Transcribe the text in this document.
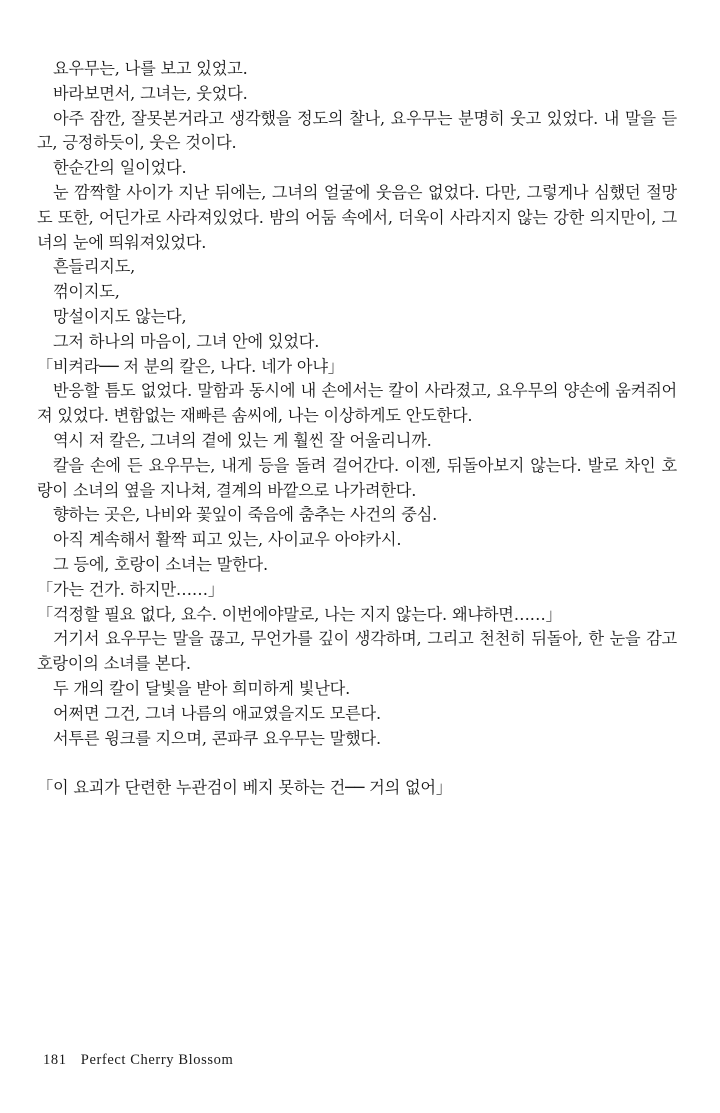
요우무는, 나를 보고 있었고.

바라보면서, 그녀는, 웃었다.

아주 잠깐, 잘못본거라고 생각했을 정도의 찰나, 요우무는 분명히 웃고 있었다. 내 말을 듣고, 긍정하듯이, 웃은 것이다.

한순간의 일이었다.

눈 깜짝할 사이가 지난 뒤에는, 그녀의 얼굴에 웃음은 없었다. 다만, 그렇게나 심했던 절망도 또한, 어딘가로 사라져있었다. 밤의 어둠 속에서, 더욱이 사라지지 않는 강한 의지만이, 그녀의 눈에 띄워져있었다.

흔들리지도,

꺾이지도,

망설이지도 않는다,

그저 하나의 마음이, 그녀 안에 있었다.

「비켜라── 저 분의 칼은, 나다. 네가 아냐」

반응할 틈도 없었다. 말함과 동시에 내 손에서는 칼이 사라졌고, 요우무의 양손에 움켜쥐어져 있었다. 변함없는 재빠른 솜씨에, 나는 이상하게도 안도한다.

역시 저 칼은, 그녀의 곁에 있는 게 훨씬 잘 어울리니까.

칼을 손에 든 요우무는, 내게 등을 돌려 걸어간다. 이젠, 뒤돌아보지 않는다. 발로 차인 호랑이 소녀의 옆을 지나쳐, 결계의 바깥으로 나가려한다.

향하는 곳은, 나비와 꽃잎이 죽음에 춤추는 사건의 중심.

아직 계속해서 활짝 피고 있는, 사이교우 아야카시.

그 등에, 호랑이 소녀는 말한다.

「가는 건가. 하지만……」

「걱정할 필요 없다, 요수. 이번에야말로, 나는 지지 않는다. 왜냐하면……」

거기서 요우무는 말을 끊고, 무언가를 깊이 생각하며, 그리고 천천히 뒤돌아, 한 눈을 감고 호랑이의 소녀를 본다.

두 개의 칼이 달빛을 받아 희미하게 빛난다.

어쩌면 그건, 그녀 나름의 애교였을지도 모른다.

서투른 윙크를 지으며, 콘파쿠 요우무는 말했다.

「이 요괴가 단련한 누관검이 베지 못하는 건── 거의 없어」

181 Perfect Cherry Blossom
